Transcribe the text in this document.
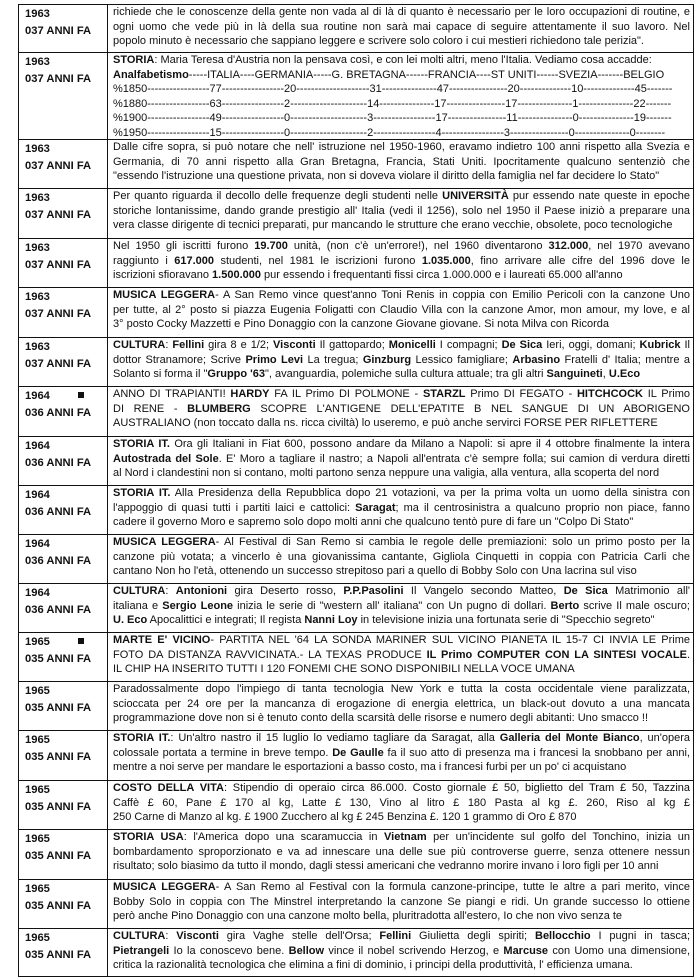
1963
037 ANNI FA
richiede che le conoscenze della gente non vada al di là di quanto è necessario per le loro occupazioni di routine, e
ogni uomo che vede più in là della sua routine non sarà mai capace di seguire attentamente il suo lavoro. Nel
popolo minuto è necessario che sappiano leggere e scrivere solo coloro i cui mestieri richiedono tale perizia".
1963
037 ANNI FA
STORIA: Maria Teresa d'Austria non la pensava così, e con lei molti altri, meno l'Italia. Vediamo cosa accadde:
Analfabetismo-----ITALIA----GERMANIA-----G. BRETAGNA------FRANCIA----ST UNITI------SVEZIA-------BELGIO
%1850-----------------77-----------------20--------------------31---------------47----------------20--------------10--------------45-------
%1880-----------------63-----------------2---------------------14---------------17----------------17---------------1---------------22-------
%1900-----------------49-----------------0---------------------3-----------------17----------------11---------------0---------------19-------
%1950-----------------15-----------------0---------------------2-----------------4-----------------3----------------0---------------0--------
1963
037 ANNI FA
Dalle cifre sopra, si può notare che nell' istruzione nel 1950-1960, eravamo indietro 100 anni rispetto alla Svezia e
Germania, di 70 anni rispetto alla Gran Bretagna, Francia, Stati Uniti. Ipocritamente qualcuno sentenziò che
"essendo l'istruzione una questione privata, non si doveva violare il diritto della famiglia nel far decidere lo Stato"
1963
037 ANNI FA
Per quanto riguarda il decollo delle frequenze degli studenti nelle UNIVERSITÀ pur essendo nate queste in epoche
storiche lontanissime, dando grande prestigio all' Italia (vedi il 1256), solo nel 1950 il Paese iniziò a preparare una
vera classe dirigente di tecnici preparati, pur mancando le strutture che erano vecchie, obsolete, poco tecnologiche
1963
037 ANNI FA
Nel 1950 gli iscritti furono 19.700 unità, (non c'è un'errore!), nel 1960 diventarono 312.000, nel 1970 avevano
raggiunto i 617.000 studenti, nel 1981 le iscrizioni furono 1.035.000, fino arrivare alle cifre del 1996 dove le
iscrizioni sfioravano 1.500.000 pur essendo i frequentanti fissi circa 1.000.000 e i laureati 65.000 all'anno
1963
037 ANNI FA
MUSICA LEGGERA- A San Remo vince quest'anno Toni Renis in coppia con Emilio Pericoli con la canzone Uno
per tutte, al 2° posto si piazza Eugenia Foligatti con Claudio Villa con la canzone Amor, mon amour, my love, e al
3° posto Cocky Mazzetti e Pino Donaggio con la canzone Giovane giovane. Si nota Milva con Ricorda
1963
037 ANNI FA
CULTURA: Fellini gira 8 e 1/2; Visconti Il gattopardo; Monicelli I compagni; De Sica Ieri, oggi, domani; Kubrick Il
dottor Stranamore; Scrive Primo Levi La tregua; Ginzburg Lessico famigliare; Arbasino Fratelli d' Italia; mentre a
Solanto si forma il "Gruppo '63", avanguardia, polemiche sulla cultura attuale; tra gli altri Sanguineti, U.Eco
1964
036 ANNI FA
ANNO DI TRAPIANTI! HARDY FA IL Primo DI POLMONE - STARZL Primo DI FEGATO - HITCHCOCK IL Primo
DI RENE - BLUMBERG SCOPRE L'ANTIGENE DELL'EPATITE B NEL SANGUE DI UN ABORIGENO
AUSTRALIANO (non toccato dalla ns. ricca civiltà) lo useremo, e può anche servirci FORSE PER RIFLETTERE
1964
036 ANNI FA
STORIA IT. Ora gli Italiani in Fiat 600, possono andare da Milano a Napoli: si apre il 4 ottobre finalmente la intera
Autostrada del Sole. E' Moro a tagliare il nastro; a Napoli all'entrata c'è sempre folla; sui camion di verdura diretti
al Nord i clandestini non si contano, molti partono senza neppure una valigia, alla ventura, alla scoperta del nord
1964
036 ANNI FA
STORIA IT. Alla Presidenza della Repubblica dopo 21 votazioni, va per la prima volta un uomo della sinistra con
l'appoggio di quasi tutti i partiti laici e cattolici: Saragat; ma il centrosinistra a qualcuno proprio non piace, fanno
cadere il governo Moro e sapremo solo dopo molti anni che qualcuno tentò pure di fare un "Colpo Di Stato"
1964
036 ANNI FA
MUSICA LEGGERA- Al Festival di San Remo si cambia le regole delle premiazioni: solo un primo posto per la
canzone più votata; a vincerlo è una giovanissima cantante, Gigliola Cinquetti in coppia con Patricia Carli che
cantano Non ho l'età, ottenendo un successo strepitoso pari a quello di Bobby Solo con Una lacrina sul viso
1964
036 ANNI FA
CULTURA: Antonioni gira Deserto rosso, P.P.Pasolini Il Vangelo secondo Matteo, De Sica Matrimonio all'
italiana e Sergio Leone inizia le serie di "western all' italiana" con Un pugno di dollari. Berto scrive Il male oscuro;
U. Eco Apocalittici e integrati; Il regista Nanni Loy in televisione inizia una fortunata serie di "Specchio segreto"
1965
035 ANNI FA
MARTE E' VICINO- PARTITA NEL '64 LA SONDA MARINER SUL VICINO PIANETA IL 15-7 CI INVIA LE Prime
FOTO DA DISTANZA RAVVICINATA.- LA TEXAS PRODUCE IL Primo COMPUTER CON LA SINTESI VOCALE.
IL CHIP HA INSERITO TUTTI I 120 FONEMI CHE SONO DISPONIBILI NELLA VOCE UMANA
1965
035 ANNI FA
Paradossalmente dopo l'impiego di tanta tecnologia New York e tutta la costa occidentale viene paralizzata,
scioccata per 24 ore per la mancanza di erogazione di energia elettrica, un black-out dovuto a una mancata
programmazione dove non si è tenuto conto della scarsità delle risorse e numero degli abitanti: Uno smacco !!
1965
035 ANNI FA
STORIA IT.: Un'altro nastro il 15 luglio lo vediamo tagliare da Saragat, alla Galleria del Monte Bianco, un'opera
colossale portata a termine in breve tempo. De Gaulle fa il suo atto di presenza ma i francesi la snobbano per anni,
mentre a noi serve per mandare le esportazioni a basso costo, ma i francesi furbi per un po' ci acquistano
1965
035 ANNI FA
COSTO DELLA VITA: Stipendio di operaio circa 86.000. Costo giornale £ 50, biglietto del Tram £ 50, Tazzina
Caffè £ 60, Pane £ 170 al kg, Latte £ 130, Vino al litro £ 180 Pasta al kg £. 260, Riso al kg £
250 Carne di Manzo al kg. £ 1900 Zucchero al kg £ 245 Benzina £. 120 1 grammo di Oro £ 870
1965
035 ANNI FA
STORIA USA: l'America dopo una scaramuccia in Vietnam per un'incidente sul golfo del Tonchino, inizia un
bombardamento sproporzionato e va ad innescare una delle sue più controverse guerre, senza ottenere nessun
risultato; solo biasimo da tutto il mondo, dagli stessi americani che vedranno morire invano i loro figli per 10 anni
1965
035 ANNI FA
MUSICA LEGGERA- A San Remo al Festival con la formula canzone-principe, tutte le altre a pari merito, vince
Bobby Solo in coppia con The Minstrel interpretando la canzone Se piangi e ridi. Un grande successo lo ottiene
però anche Pino Donaggio con una canzone molto bella, pluritradotta all'estero, Io che non vivo senza te
1965
035 ANNI FA
CULTURA: Visconti gira Vaghe stelle dell'Orsa; Fellini Giulietta degli spiriti; Bellocchio I pugni in tasca;
Pietrangeli Io la conoscevo bene. Bellow vince il nobel scrivendo Herzog, e Marcuse con Uomo una dimensione,
critica la razionalità tecnologica che elimina a fini di dominio, i principi della produttività, l' efficienza umana.
